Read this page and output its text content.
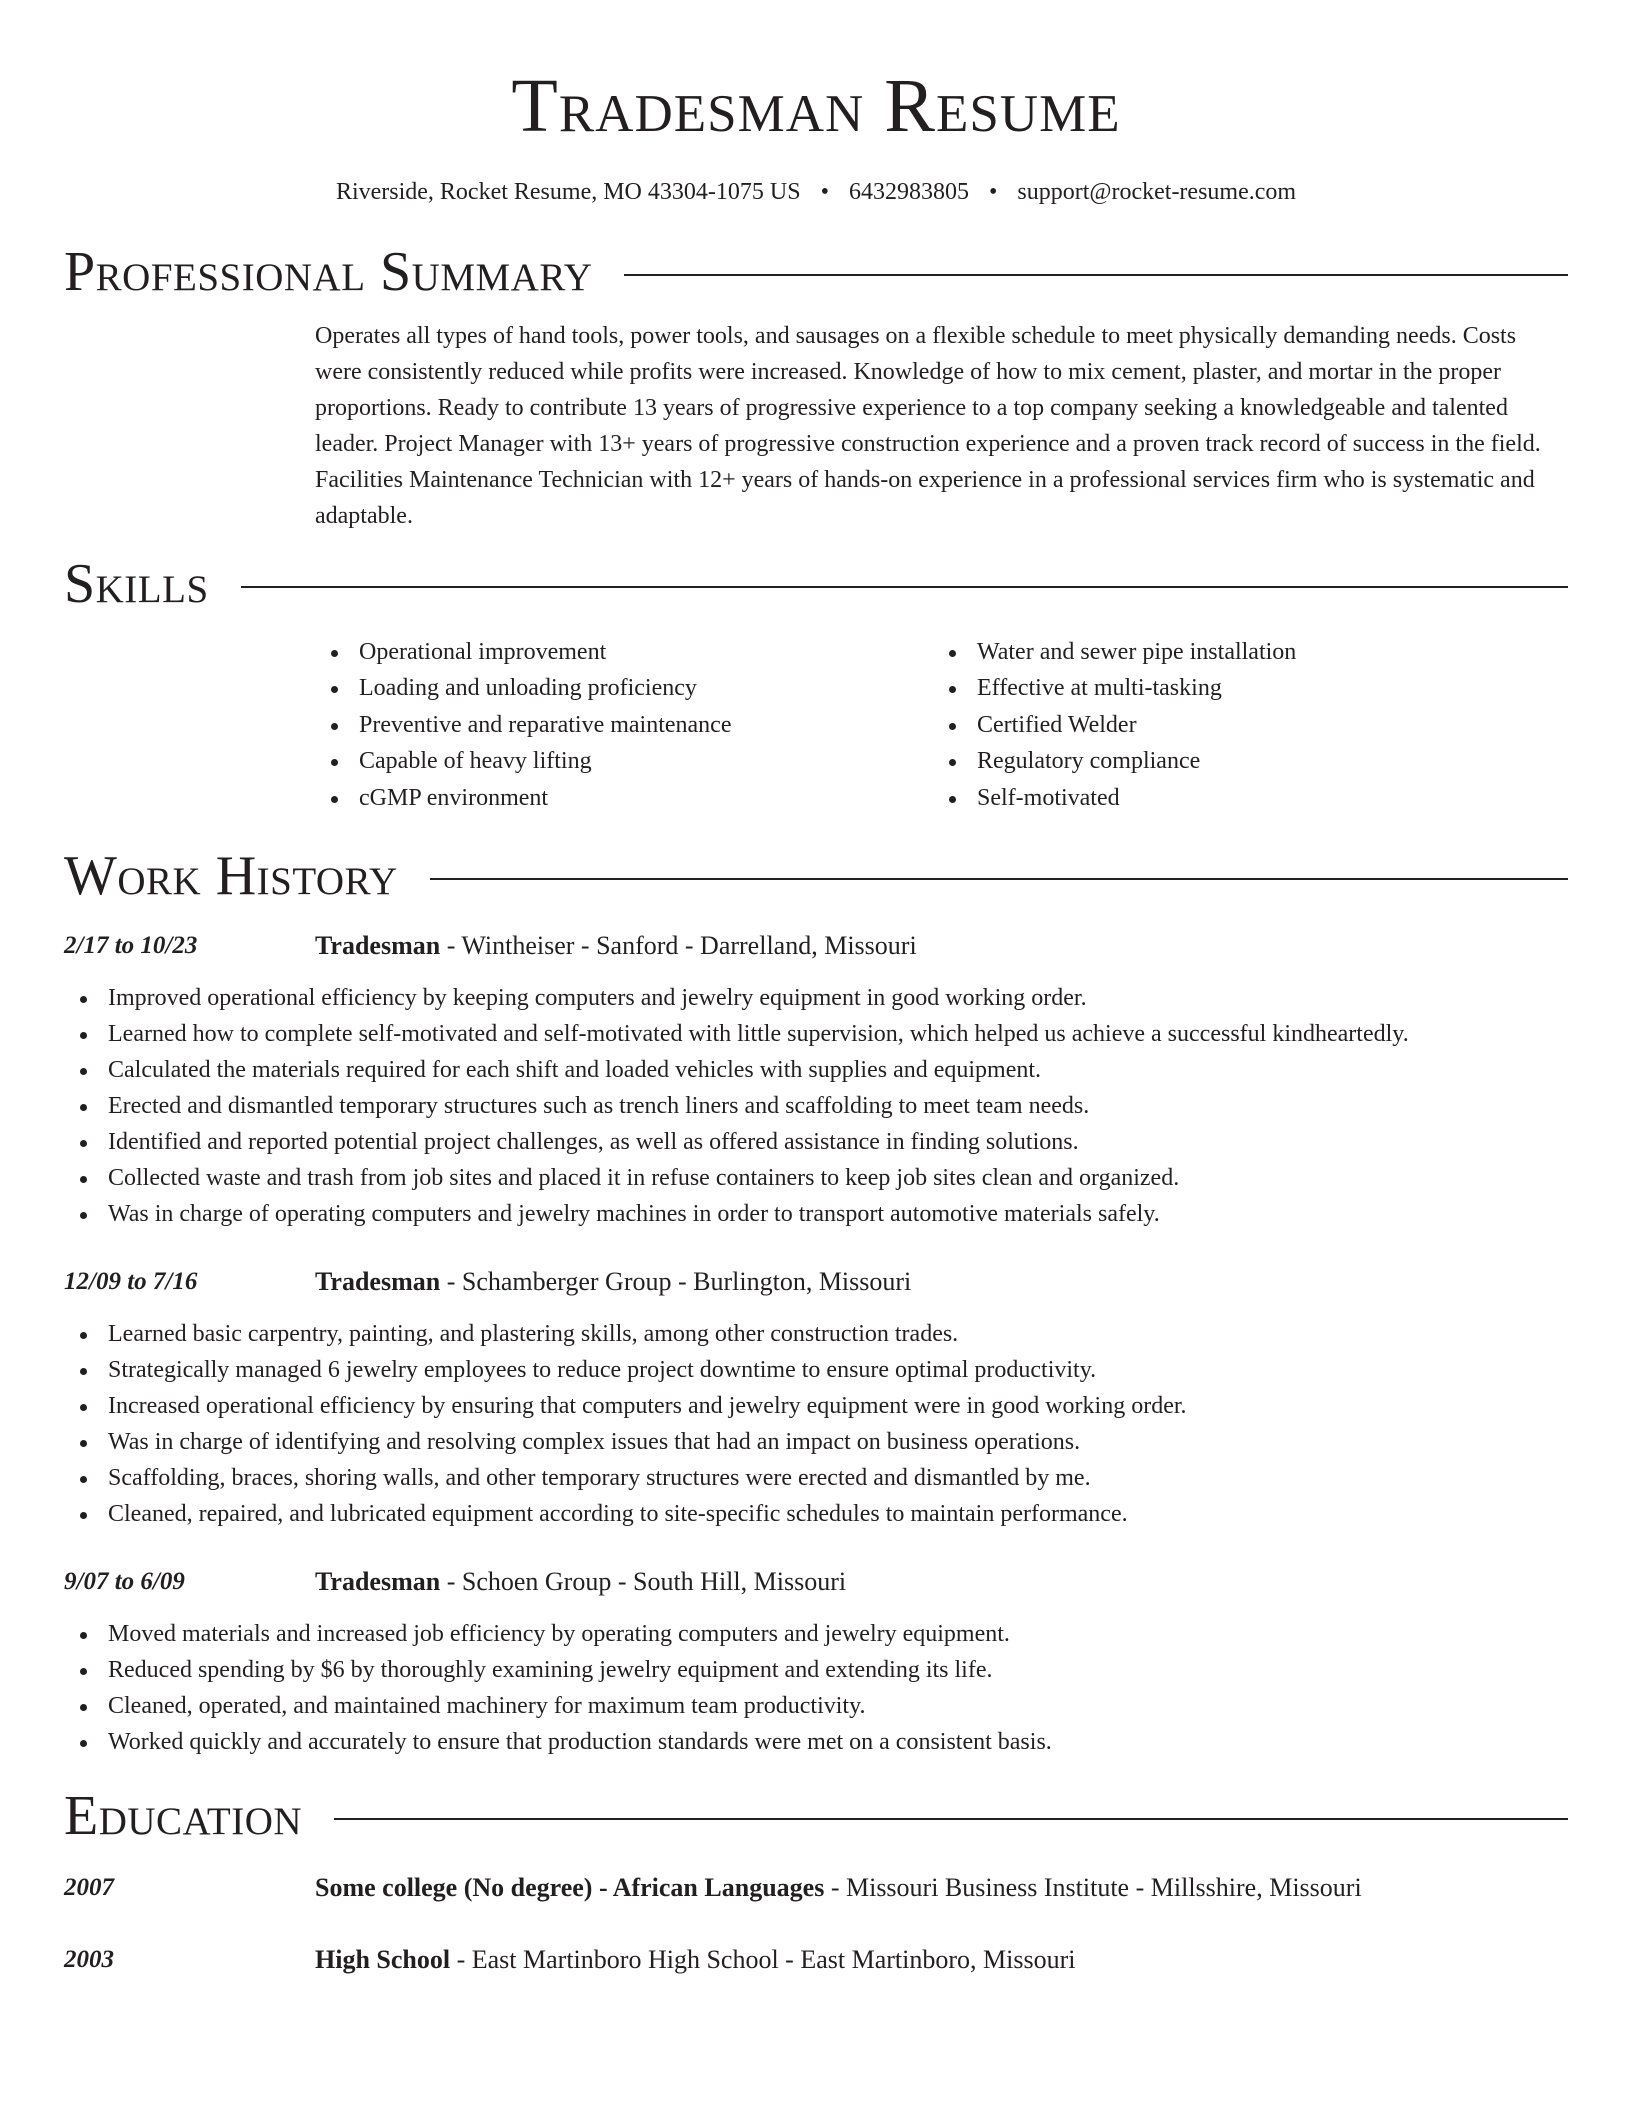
Tradesman Resume
Riverside, Rocket Resume, MO 43304-1075 US • 6432983805 • support@rocket-resume.com
Professional Summary
Operates all types of hand tools, power tools, and sausages on a flexible schedule to meet physically demanding needs. Costs were consistently reduced while profits were increased. Knowledge of how to mix cement, plaster, and mortar in the proper proportions. Ready to contribute 13 years of progressive experience to a top company seeking a knowledgeable and talented leader. Project Manager with 13+ years of progressive construction experience and a proven track record of success in the field. Facilities Maintenance Technician with 12+ years of hands-on experience in a professional services firm who is systematic and adaptable.
Skills
Operational improvement
Loading and unloading proficiency
Preventive and reparative maintenance
Capable of heavy lifting
cGMP environment
Water and sewer pipe installation
Effective at multi-tasking
Certified Welder
Regulatory compliance
Self-motivated
Work History
2/17 to 10/23	Tradesman - Wintheiser - Sanford - Darrelland, Missouri
Improved operational efficiency by keeping computers and jewelry equipment in good working order.
Learned how to complete self-motivated and self-motivated with little supervision, which helped us achieve a successful kindheartedly.
Calculated the materials required for each shift and loaded vehicles with supplies and equipment.
Erected and dismantled temporary structures such as trench liners and scaffolding to meet team needs.
Identified and reported potential project challenges, as well as offered assistance in finding solutions.
Collected waste and trash from job sites and placed it in refuse containers to keep job sites clean and organized.
Was in charge of operating computers and jewelry machines in order to transport automotive materials safely.
12/09 to 7/16	Tradesman - Schamberger Group - Burlington, Missouri
Learned basic carpentry, painting, and plastering skills, among other construction trades.
Strategically managed 6 jewelry employees to reduce project downtime to ensure optimal productivity.
Increased operational efficiency by ensuring that computers and jewelry equipment were in good working order.
Was in charge of identifying and resolving complex issues that had an impact on business operations.
Scaffolding, braces, shoring walls, and other temporary structures were erected and dismantled by me.
Cleaned, repaired, and lubricated equipment according to site-specific schedules to maintain performance.
9/07 to 6/09	Tradesman - Schoen Group - South Hill, Missouri
Moved materials and increased job efficiency by operating computers and jewelry equipment.
Reduced spending by $6 by thoroughly examining jewelry equipment and extending its life.
Cleaned, operated, and maintained machinery for maximum team productivity.
Worked quickly and accurately to ensure that production standards were met on a consistent basis.
Education
2007	Some college (No degree) - African Languages - Missouri Business Institute - Millsshire, Missouri
2003	High School - East Martinboro High School - East Martinboro, Missouri
